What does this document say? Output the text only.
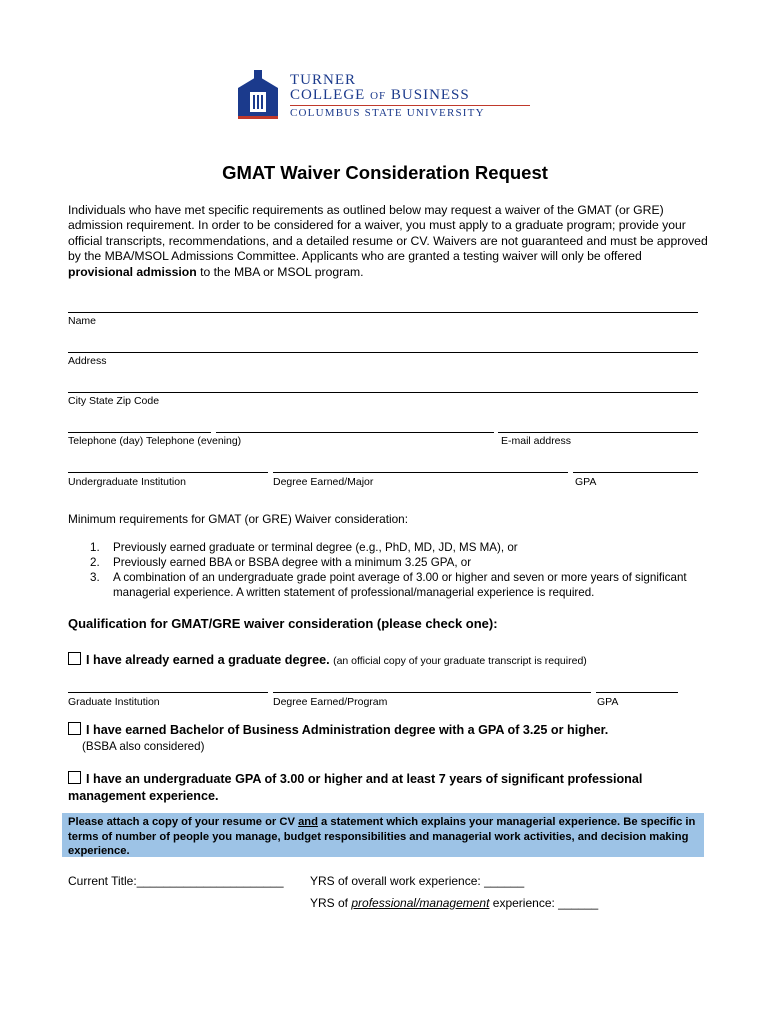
TURNER
COLLEGE OF BUSINESS
COLUMBUS STATE UNIVERSITY
GMAT Waiver Consideration Request
Individuals who have met specific requirements as outlined below may request a waiver of the GMAT (or GRE) admission requirement. In order to be considered for a waiver, you must apply to a graduate program; provide your official transcripts, recommendations, and a detailed resume or CV. Waivers are not guaranteed and must be approved by the MBA/MSOL Admissions Committee. Applicants who are granted a testing waiver will only be offered provisional admission to the MBA or MSOL program.
Name
Address
City State Zip Code
Telephone (day) Telephone (evening)	E-mail address
Undergraduate Institution	Degree Earned/Major	GPA
Minimum requirements for GMAT (or GRE) Waiver consideration:
1. Previously earned graduate or terminal degree (e.g., PhD, MD, JD, MS MA), or
2. Previously earned BBA or BSBA degree with a minimum 3.25 GPA, or
3. A combination of an undergraduate grade point average of 3.00 or higher and seven or more years of significant managerial experience. A written statement of professional/managerial experience is required.
Qualification for GMAT/GRE waiver consideration (please check one):
I have already earned a graduate degree. (an official copy of your graduate transcript is required)
Graduate Institution	Degree Earned/Program	GPA
I have earned Bachelor of Business Administration degree with a GPA of 3.25 or higher.
(BSBA also considered)
I have an undergraduate GPA of 3.00 or higher and at least 7 years of significant professional management experience.
Please attach a copy of your resume or CV and a statement which explains your managerial experience. Be specific in terms of number of people you manage, budget responsibilities and managerial work activities, and decision making experience.
Current Title:______________________ YRS of overall work experience: ______
YRS of professional/management experience: ______
